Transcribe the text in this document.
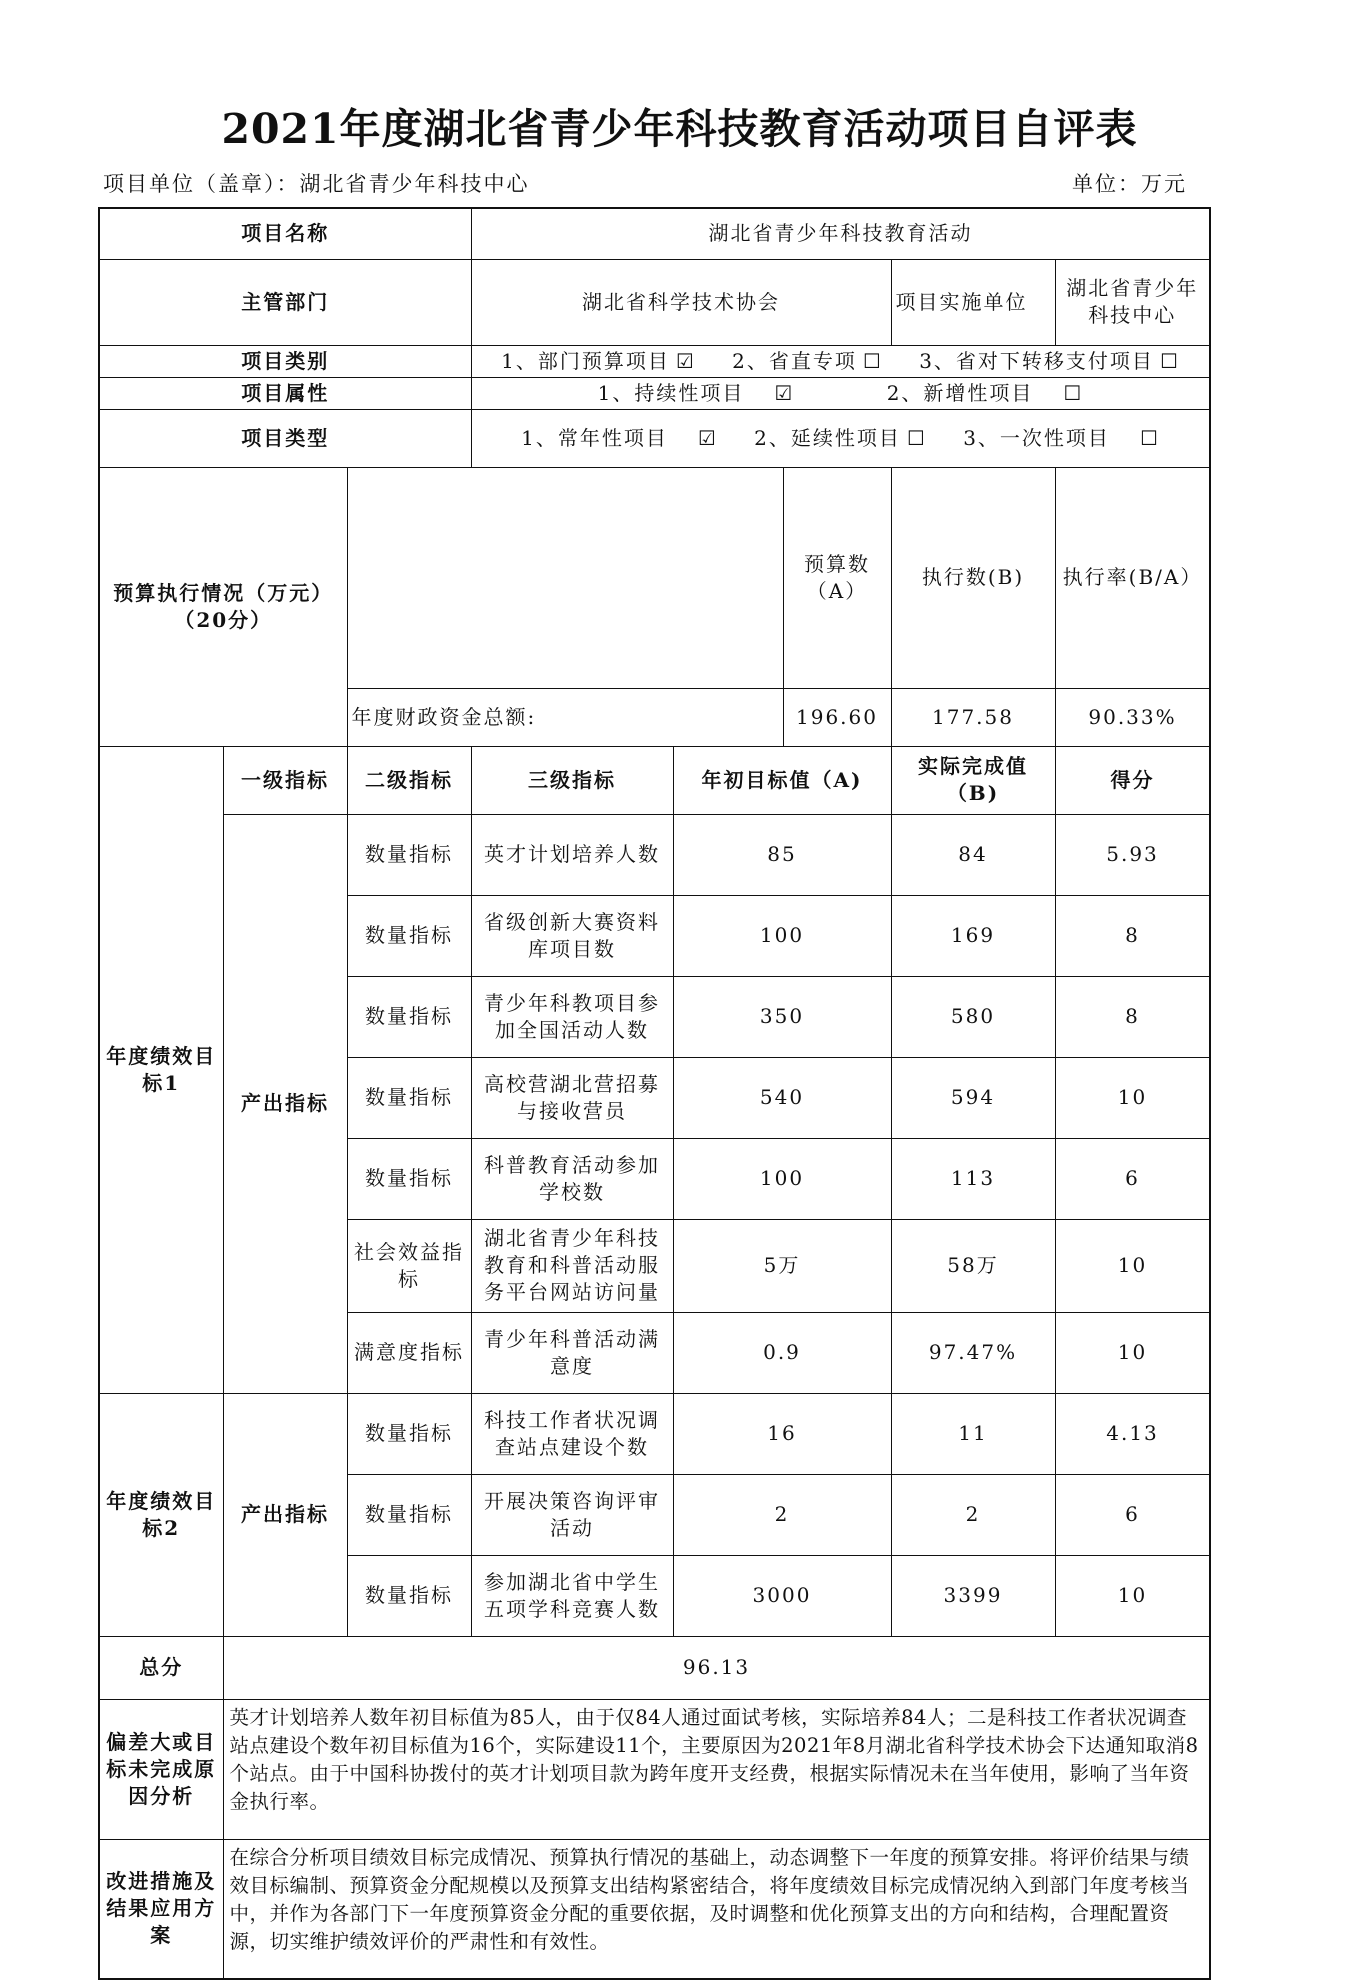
2021年度湖北省青少年科技教育活动项目自评表
项目单位（盖章）：湖北省青少年科技中心	单位：万元
项目名称			湖北省青少年科技教育活动					
主管部门			湖北省科学技术协会			项目实施单位	湖北省青少年科技中心	
项目类别			1、部门预算项目 ☑ 2、省直专项 ☐ 3、省对下转移支付项目 ☐					
项目属性			1、持续性项目 ☑ 2、新增性项目 ☐					
项目类型			1、常年性项目 ☑ 2、延续性项目 ☐ 3、一次性项目 ☐					
预算执行情况（万元）（20分）					预算数（A）	执行数(B)	执行率(B/A）	
		年度财政资金总额:			196.60	177.58	90.33%	
年度绩效目标1	一级指标	二级指标	三级指标	年初目标值（A)		实际完成值（B)	得分	
	产出指标	数量指标	英才计划培养人数	85		84	5.93	
		数量指标	省级创新大赛资料库项目数	100		169	8	
		数量指标	青少年科教项目参加全国活动人数	350		580	8	
		数量指标	高校营湖北营招募与接收营员	540		594	10	
		数量指标	科普教育活动参加学校数	100		113	6	
		社会效益指标	湖北省青少年科技教育和科普活动服务平台网站访问量	5万		58万	10	
		满意度指标	青少年科普活动满意度	0.9		97.47%	10	
年度绩效目标2	产出指标	数量指标	科技工作者状况调查站点建设个数	16		11	4.13	
		数量指标	开展决策咨询评审活动	2		2	6	
		数量指标	参加湖北省中学生五项学科竞赛人数	3000		3399	10	
总分	96.13							
偏差大或目标未完成原因分析	英才计划培养人数年初目标值为85人，由于仅84人通过面试考核，实际培养84人；二是科技工作者状况调查站点建设个数年初目标值为16个，实际建设11个，主要原因为2021年8月湖北省科学技术协会下达通知取消8个站点。由于中国科协拨付的英才计划项目款为跨年度开支经费，根据实际情况未在当年使用，影响了当年资金执行率。							
改进措施及结果应用方案	在综合分析项目绩效目标完成情况、预算执行情况的基础上，动态调整下一年度的预算安排。将评价结果与绩效目标编制、预算资金分配规模以及预算支出结构紧密结合，将年度绩效目标完成情况纳入到部门年度考核当中，并作为各部门下一年度预算资金分配的重要依据，及时调整和优化预算支出的方向和结构，合理配置资源，切实维护绩效评价的严肃性和有效性。							
